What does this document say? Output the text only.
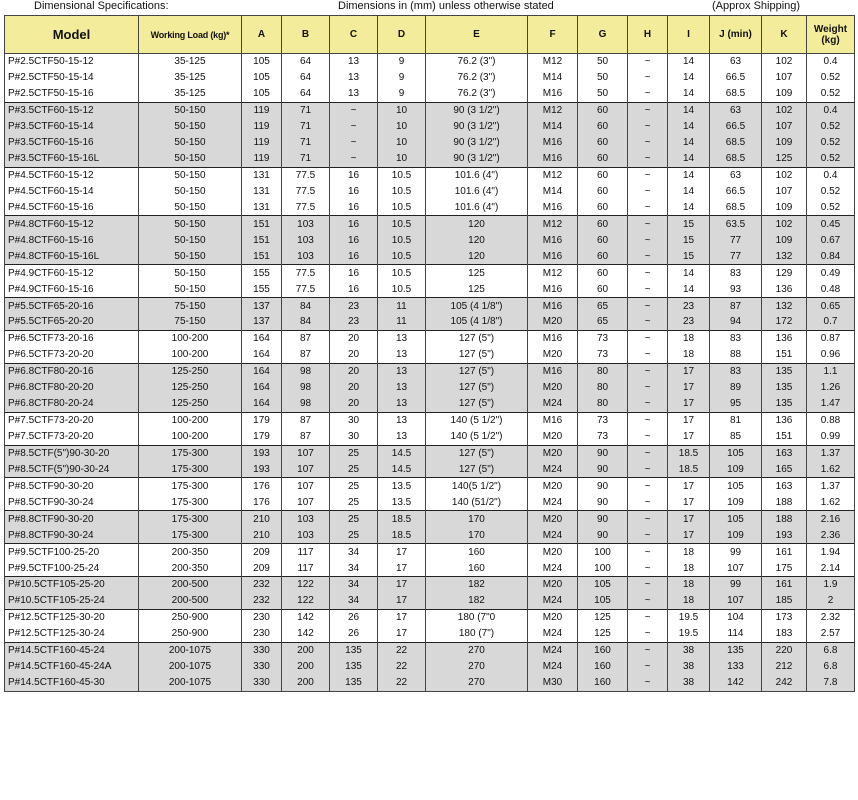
Dimensional Specifications:	Dimensions in (mm) unless otherwise stated	(Approx Shipping)
Model	Working Load (kg)*	A	B	C	D	E	F	G	H	I	J (min)	K	Weight (kg)
P#2.5CTF50-15-12	35-125	105	64	13	9	76.2 (3")	M12	50	~	14	63	102	0.4
P#2.5CTF50-15-14	35-125	105	64	13	9	76.2 (3")	M14	50	~	14	66.5	107	0.52
P#2.5CTF50-15-16	35-125	105	64	13	9	76.2 (3")	M16	50	~	14	68.5	109	0.52
P#3.5CTF60-15-12	50-150	119	71	~	10	90 (3 1/2")	M12	60	~	14	63	102	0.4
P#3.5CTF60-15-14	50-150	119	71	~	10	90 (3 1/2")	M14	60	~	14	66.5	107	0.52
P#3.5CTF60-15-16	50-150	119	71	~	10	90 (3 1/2")	M16	60	~	14	68.5	109	0.52
P#3.5CTF60-15-16L	50-150	119	71	~	10	90 (3 1/2")	M16	60	~	14	68.5	125	0.52
P#4.5CTF60-15-12	50-150	131	77.5	16	10.5	101.6 (4")	M12	60	~	14	63	102	0.4
P#4.5CTF60-15-14	50-150	131	77.5	16	10.5	101.6 (4")	M14	60	~	14	66.5	107	0.52
P#4.5CTF60-15-16	50-150	131	77.5	16	10.5	101.6 (4")	M16	60	~	14	68.5	109	0.52
P#4.8CTF60-15-12	50-150	151	103	16	10.5	120	M12	60	~	15	63.5	102	0.45
P#4.8CTF60-15-16	50-150	151	103	16	10.5	120	M16	60	~	15	77	109	0.67
P#4.8CTF60-15-16L	50-150	151	103	16	10.5	120	M16	60	~	15	77	132	0.84
P#4.9CTF60-15-12	50-150	155	77.5	16	10.5	125	M12	60	~	14	83	129	0.49
P#4.9CTF60-15-16	50-150	155	77.5	16	10.5	125	M16	60	~	14	93	136	0.48
P#5.5CTF65-20-16	75-150	137	84	23	11	105 (4 1/8")	M16	65	~	23	87	132	0.65
P#5.5CTF65-20-20	75-150	137	84	23	11	105 (4 1/8")	M20	65	~	23	94	172	0.7
P#6.5CTF73-20-16	100-200	164	87	20	13	127 (5")	M16	73	~	18	83	136	0.87
P#6.5CTF73-20-20	100-200	164	87	20	13	127 (5")	M20	73	~	18	88	151	0.96
P#6.8CTF80-20-16	125-250	164	98	20	13	127 (5")	M16	80	~	17	83	135	1.1
P#6.8CTF80-20-20	125-250	164	98	20	13	127 (5")	M20	80	~	17	89	135	1.26
P#6.8CTF80-20-24	125-250	164	98	20	13	127 (5")	M24	80	~	17	95	135	1.47
P#7.5CTF73-20-20	100-200	179	87	30	13	140 (5 1/2")	M16	73	~	17	81	136	0.88
P#7.5CTF73-20-20	100-200	179	87	30	13	140 (5 1/2")	M20	73	~	17	85	151	0.99
P#8.5CTF(5")90-30-20	175-300	193	107	25	14.5	127 (5")	M20	90	~	18.5	105	163	1.37
P#8.5CTF(5")90-30-24	175-300	193	107	25	14.5	127 (5")	M24	90	~	18.5	109	165	1.62
P#8.5CTF90-30-20	175-300	176	107	25	13.5	140(5 1/2")	M20	90	~	17	105	163	1.37
P#8.5CTF90-30-24	175-300	176	107	25	13.5	140 (51/2")	M24	90	~	17	109	188	1.62
P#8.8CTF90-30-20	175-300	210	103	25	18.5	170	M20	90	~	17	105	188	2.16
P#8.8CTF90-30-24	175-300	210	103	25	18.5	170	M24	90	~	17	109	193	2.36
P#9.5CTF100-25-20	200-350	209	117	34	17	160	M20	100	~	18	99	161	1.94
P#9.5CTF100-25-24	200-350	209	117	34	17	160	M24	100	~	18	107	175	2.14
P#10.5CTF105-25-20	200-500	232	122	34	17	182	M20	105	~	18	99	161	1.9
P#10.5CTF105-25-24	200-500	232	122	34	17	182	M24	105	~	18	107	185	2
P#12.5CTF125-30-20	250-900	230	142	26	17	180 (7"0	M20	125	~	19.5	104	173	2.32
P#12.5CTF125-30-24	250-900	230	142	26	17	180 (7")	M24	125	~	19.5	114	183	2.57
P#14.5CTF160-45-24	200-1075	330	200	135	22	270	M24	160	~	38	135	220	6.8
P#14.5CTF160-45-24A	200-1075	330	200	135	22	270	M24	160	~	38	133	212	6.8
P#14.5CTF160-45-30	200-1075	330	200	135	22	270	M30	160	~	38	142	242	7.8
